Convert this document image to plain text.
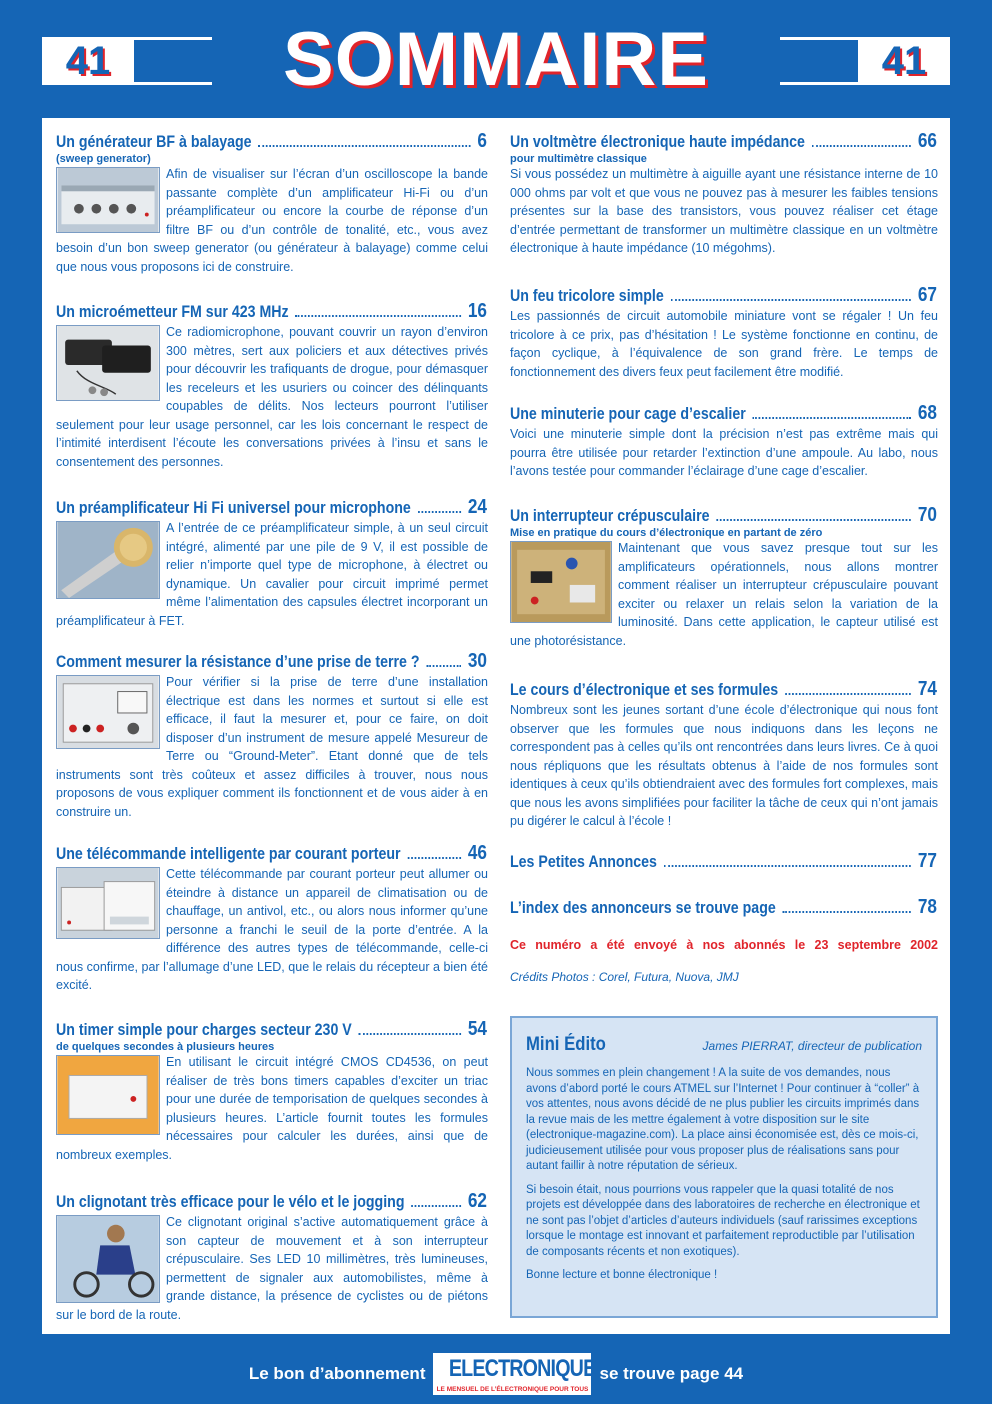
41	41
SOMMAIRE
Un générateur BF à balayage	6
(sweep generator)

Afin de visualiser sur l’écran d’un oscilloscope la bande passante complète d’un amplificateur Hi-Fi ou d’un préamplificateur ou encore la courbe de réponse d’un filtre BF ou d’un contrôle de tonalité, etc., vous avez besoin d’un bon sweep generator (ou générateur à balayage) comme celui que nous vous proposons ici de construire.

Un microémetteur FM sur 423 MHz	16

Ce radiomicrophone, pouvant couvrir un rayon d’environ 300 mètres, sert aux policiers et aux détectives privés pour découvrir les trafiquants de drogue, pour démasquer les receleurs et les usuriers ou coincer des délinquants coupables de délits. Nos lecteurs pourront l’utiliser seulement pour leur usage personnel, car les lois concernant le respect de l’intimité interdisent l’écoute les conversations privées à l’insu et sans le consentement des personnes.

Un préamplificateur Hi Fi universel pour microphone	24

A l’entrée de ce préamplificateur simple, à un seul circuit intégré, alimenté par une pile de 9 V, il est possible de relier n’importe quel type de microphone, à électret ou dynamique. Un cavalier pour circuit imprimé permet même l’alimentation des capsules électret incorporant un préamplificateur à FET.

Comment mesurer la résistance d’une prise de terre ? 30

Pour vérifier si la prise de terre d’une installation électrique est dans les normes et surtout si elle est efficace, il faut la mesurer et, pour ce faire, on doit disposer d’un instrument de mesure appelé Mesureur de Terre ou “Ground-Meter”. Etant donné que de tels instruments sont très coûteux et assez difficiles à trouver, nous nous proposons de vous expliquer comment ils fonctionnent et de vous aider à en construire un.

Une télécommande intelligente par courant porteur	46

Cette télécommande par courant porteur peut allumer ou éteindre à distance un appareil de climatisation ou de chauffage, un antivol, etc., ou alors nous informer qu’une personne a franchi le seuil de la porte d’entrée. A la différence des autres types de télécommande, celle-ci nous confirme, par l’allumage d’une LED, que le relais du récepteur a bien été excité.

Un timer simple pour charges secteur 230 V	54
de quelques secondes à plusieurs heures

En utilisant le circuit intégré CMOS CD4536, on peut réaliser de très bons timers capables d’exciter un triac pour une durée de temporisation de quelques secondes à plusieurs heures. L’article fournit toutes les formules nécessaires pour calculer les durées, ainsi que de nombreux exemples.

Un clignotant très efficace pour le vélo et le jogging	62

Ce clignotant original s’active automatiquement grâce à son capteur de mouvement et à son interrupteur crépusculaire. Ses LED 10 millimètres, très lumineuses, permettent de signaler aux automobilistes, même à grande distance, la présence de cyclistes ou de piétons sur le bord de la route.

Un voltmètre électronique haute impédance	66
pour multimètre classique

Si vous possédez un multimètre à aiguille ayant une résistance interne de 10 000 ohms par volt et que vous ne pouvez pas à mesurer les faibles tensions présentes sur la base des transistors, vous pouvez réaliser cet étage d’entrée permettant de transformer un multimètre classique en un voltmètre électronique à haute impédance (10 mégohms).

Un feu tricolore simple	67

Les passionnés de circuit automobile miniature vont se régaler ! Un feu tricolore à ce prix, pas d’hésitation ! Le système fonctionne en continu, de façon cyclique, à l’équivalence de son grand frère. Le temps de fonctionnement des divers feux peut facilement être modifié.

Une minuterie pour cage d’escalier	68

Voici une minuterie simple dont la précision n’est pas extrême mais qui pourra être utilisée pour retarder l’extinction d’une ampoule. Au labo, nous l’avons testée pour commander l’éclairage d’une cage d’escalier.

Un interrupteur crépusculaire	70
Mise en pratique du cours d’électronique en partant de zéro

Maintenant que vous savez presque tout sur les amplificateurs opérationnels, nous allons montrer comment réaliser un interrupteur crépusculaire pouvant exciter ou relaxer un relais selon la variation de la luminosité. Dans cette application, le capteur utilisé est une photorésistance.

Le cours d’électronique et ses formules	74

Nombreux sont les jeunes sortant d’une école d’électronique qui nous font observer que les formules que nous indiquons dans les leçons ne correspondent pas à celles qu’ils ont rencontrées dans leurs livres. Ce à quoi nous répliquons que les résultats obtenus à l’aide de nos formules sont identiques à ceux qu’ils obtiendraient avec des formules fort complexes, mais que nous les avons simplifiées pour faciliter la tâche de ceux qui n’ont jamais pu digérer le calcul à l’école !

Les Petites Annonces	77
L’index des annonceurs se trouve page	78
Ce numéro a été envoyé à nos abonnés le 23 septembre 2002
Crédits Photos : Corel, Futura, Nuova, JMJ
Mini Édito	James PIERRAT, directeur de publication

Nous sommes en plein changement ! A la suite de vos demandes, nous avons d’abord porté le cours ATMEL sur l’Internet ! Pour continuer à “coller” à vos attentes, nous avons décidé de ne plus publier les circuits imprimés dans la revue mais de les mettre également à votre disposition sur le site (electronique-magazine.com). La place ainsi économisée est, dès ce mois-ci, judicieusement utilisée pour vous proposer plus de réalisations sans pour autant faillir à notre réputation de sérieux.

Si besoin était, nous pourrions vous rappeler que la quasi totalité de nos projets est développée dans des laboratoires de recherche en électronique et ne sont pas l’objet d’articles d’auteurs individuels (sauf rarissimes exceptions lorsque le montage est innovant et parfaitement reproductible par l’utilisation de composants récents et non exotiques).

Bonne lecture et bonne électronique !

Le bon d’abonnement ELECTRONIQUE
LE MENSUEL DE L’ÉLECTRONIQUE POUR TOUS
se trouve page 44
